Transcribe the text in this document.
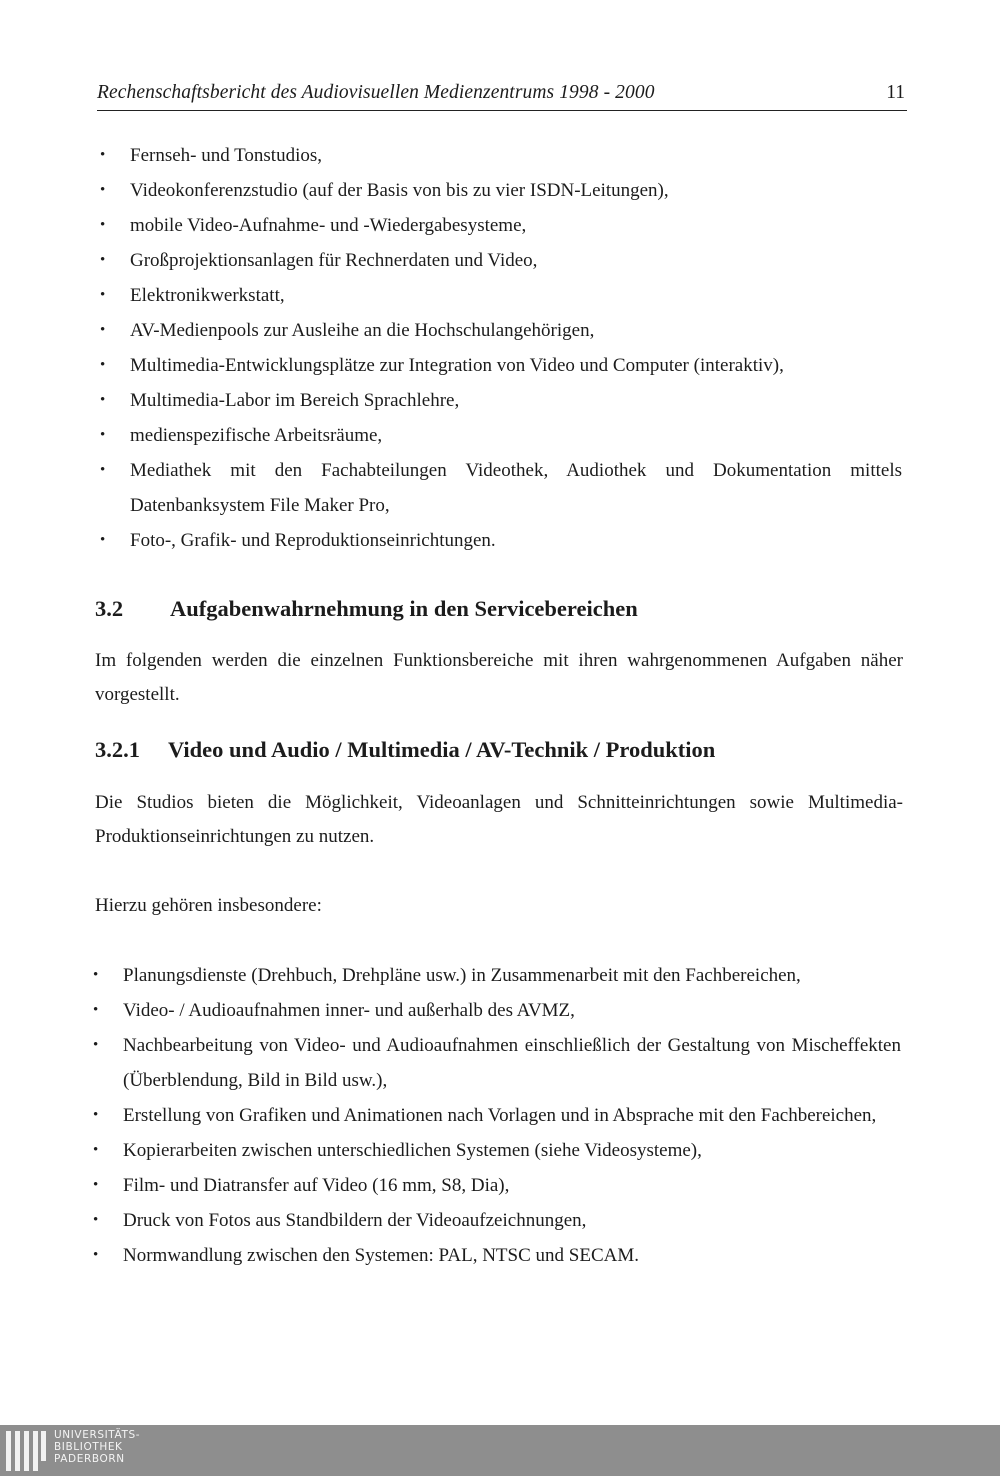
Rechenschaftsbericht des Audiovisuellen Medienzentrums 1998 - 2000	11
• Fernseh- und Tonstudios,
• Videokonferenzstudio (auf der Basis von bis zu vier ISDN-Leitungen),
• mobile Video-Aufnahme- und -Wiedergabesysteme,
• Großprojektionsanlagen für Rechnerdaten und Video,
• Elektronikwerkstatt,
• AV-Medienpools zur Ausleihe an die Hochschulangehörigen,
• Multimedia-Entwicklungsplätze zur Integration von Video und Computer (interaktiv),
• Multimedia-Labor im Bereich Sprachlehre,
• medienspezifische Arbeitsräume,
• Mediathek mit den Fachabteilungen Videothek, Audiothek und Dokumentation mittels Datenbanksystem File Maker Pro,
• Foto-, Grafik- und Reproduktionseinrichtungen.
3.2 Aufgabenwahrnehmung in den Servicebereichen

Im folgenden werden die einzelnen Funktionsbereiche mit ihren wahrgenommenen Aufgaben näher vorgestellt.

3.2.1 Video und Audio / Multimedia / AV-Technik / Produktion

Die Studios bieten die Möglichkeit, Videoanlagen und Schnitteinrichtungen sowie Multimedia-Produktionseinrichtungen zu nutzen.

Hierzu gehören insbesondere:

• Planungsdienste (Drehbuch, Drehpläne usw.) in Zusammenarbeit mit den Fachbereichen,
• Video- / Audioaufnahmen inner- und außerhalb des AVMZ,
• Nachbearbeitung von Video- und Audioaufnahmen einschließlich der Gestaltung von Mischeffekten (Überblendung, Bild in Bild usw.),
• Erstellung von Grafiken und Animationen nach Vorlagen und in Absprache mit den Fachbereichen,
• Kopierarbeiten zwischen unterschiedlichen Systemen (siehe Videosysteme),
• Film- und Diatransfer auf Video (16 mm, S8, Dia),
• Druck von Fotos aus Standbildern der Videoaufzeichnungen,
• Normwandlung zwischen den Systemen: PAL, NTSC und SECAM.
UNIVERSITÄTS-
BIBLIOTHEK
PADERBORN
